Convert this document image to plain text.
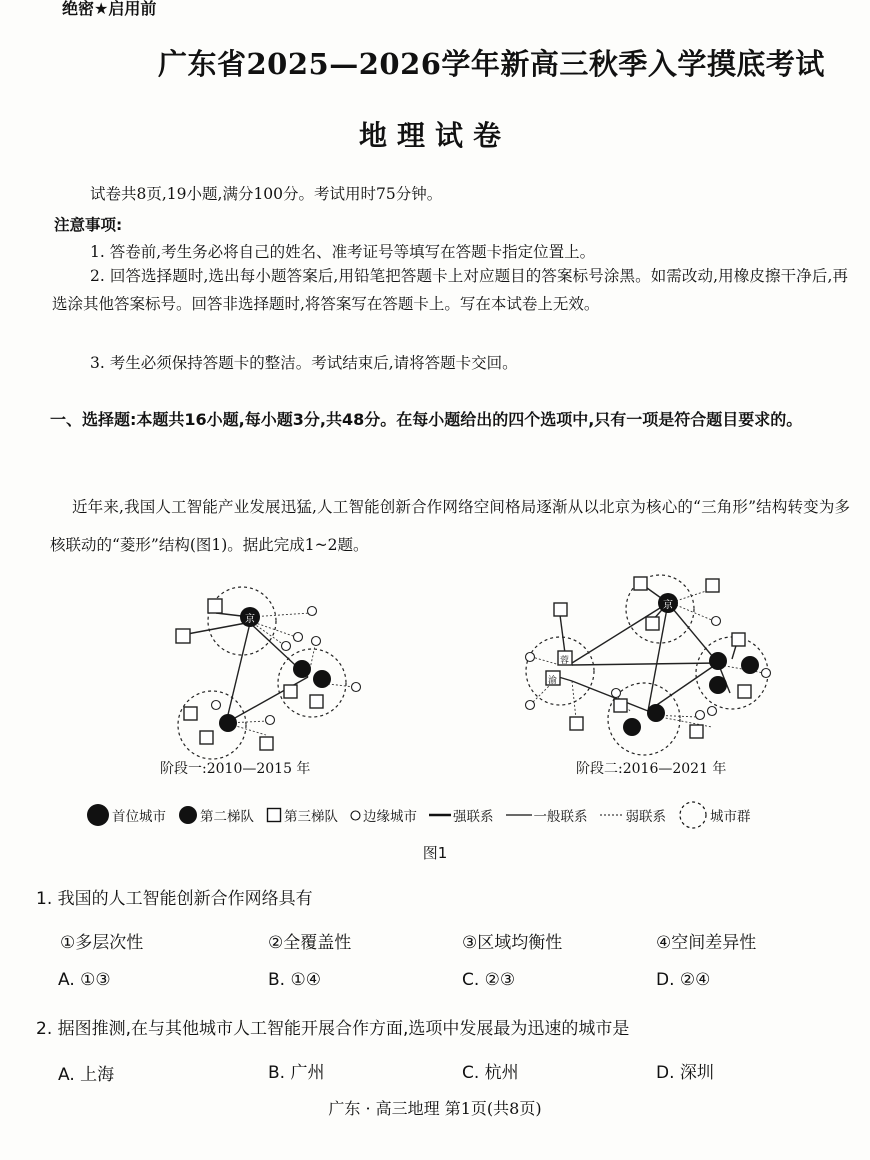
绝密★启用前
广东省2025—2026学年新高三秋季入学摸底考试
地理试卷
试卷共8页,19小题,满分100分。考试用时75分钟。
注意事项:
1. 答卷前,考生务必将自己的姓名、准考证号等填写在答题卡指定位置上。
2. 回答选择题时,选出每小题答案后,用铅笔把答题卡上对应题目的答案标号涂黑。如需改动,用橡皮擦干净后,再选涂其他答案标号。回答非选择题时,将答案写在答题卡上。写在本试卷上无效。
3. 考生必须保持答题卡的整洁。考试结束后,请将答题卡交回。
一、选择题:本题共16小题,每小题3分,共48分。在每小题给出的四个选项中,只有一项是符合题目要求的。
近年来,我国人工智能产业发展迅猛,人工智能创新合作网络空间格局逐渐从以北京为核心的“三角形”结构转变为多核联动的“菱形”结构(图1)。据此完成1~2题。
京
京
蓉
渝
阶段一:2010—2015 年	阶段二:2016—2021 年
首位城市	第二梯队 第三梯队 边缘城市	强联系	一般联系	弱联系	城市群
图1
1. 我国的人工智能创新合作网络具有
①多层次性	②全覆盖性	③区域均衡性	④空间差异性
A. ①③	B. ①④	C. ②③	D. ②④
2. 据图推测,在与其他城市人工智能开展合作方面,选项中发展最为迅速的城市是
A. 上海	B. 广州	C. 杭州	D. 深圳
广东 · 高三地理 第1页(共8页)
